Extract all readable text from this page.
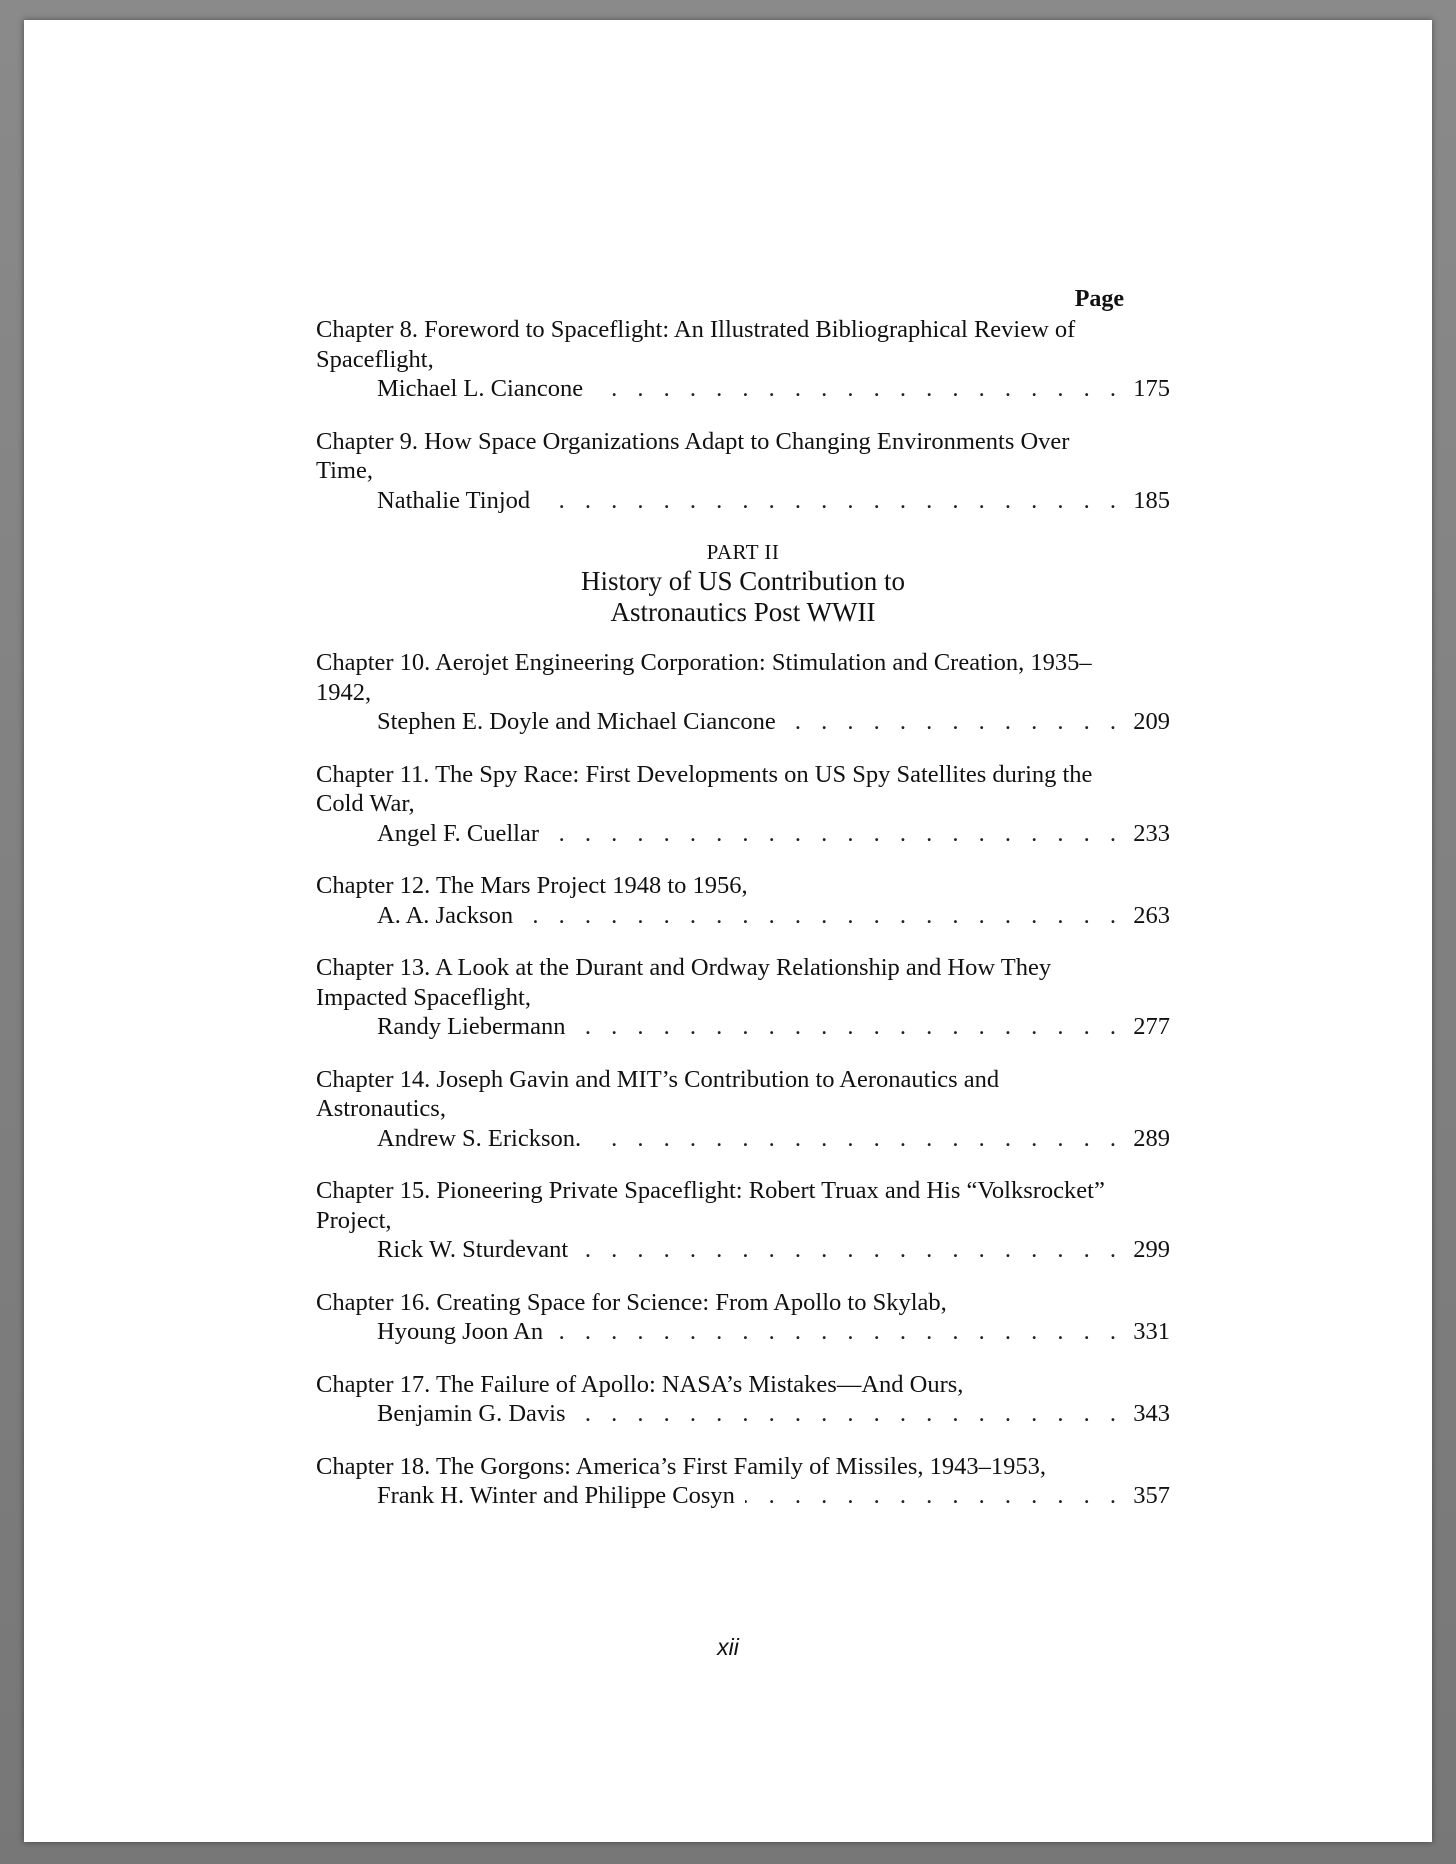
Page
Chapter 8. Foreword to Spaceflight: An Illustrated Bibliographical Review of Spaceflight,
Michael L. Ciancone . . .	175
Chapter 9. How Space Organizations Adapt to Changing Environments Over Time,
Nathalie Tinjod . . .	185
PART II
History of US Contribution to
Astronautics Post WWII
Chapter 10. Aerojet Engineering Corporation: Stimulation and Creation, 1935–1942,
Stephen E. Doyle and Michael Ciancone . . .	209
Chapter 11. The Spy Race: First Developments on US Spy Satellites during the Cold War,
Angel F. Cuellar . . .	233
Chapter 12. The Mars Project 1948 to 1956,
A. A. Jackson . . .	263
Chapter 13. A Look at the Durant and Ordway Relationship and How They Impacted Spaceflight,
Randy Liebermann . . .	277
Chapter 14. Joseph Gavin and MIT’s Contribution to Aeronautics and Astronautics,
Andrew S. Erickson. . . .	289
Chapter 15. Pioneering Private Spaceflight: Robert Truax and His “Volksrocket” Project,
Rick W. Sturdevant . . .	299
Chapter 16. Creating Space for Science: From Apollo to Skylab,
Hyoung Joon An . . .	331
Chapter 17. The Failure of Apollo: NASA’s Mistakes—And Ours,
Benjamin G. Davis . . .	343
Chapter 18. The Gorgons: America’s First Family of Missiles, 1943–1953,
Frank H. Winter and Philippe Cosyn . . .	357
xii
